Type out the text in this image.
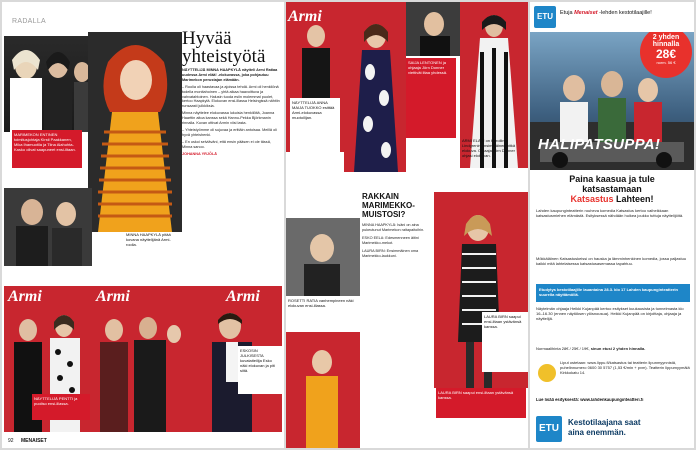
RADALLA
MARIMEKON ENTINEN toimitusjohtaja Kirsti Paakkanen, Mika Ihamuotila ja Tiina Alahuhta-Kasko olivat saapuneet ensi-iltaan.
Hyvää
yhteistyötä

NÄYTTELIJÄ MINNA HAAPKYLÄ näytteli Armi Ratiaa uudessa Armi elää! -elokuvassa, joka pohjautuu Marimekon perustajan elämään.

– Roolia oli haastavaa ja ajoissa tehdä. Armi oli henkilönä todella monitahoinen – yhtä aikaa haavoittuva ja vahvatahtoinen. Halusin tuoda esiin molemmat puolet, kertoo Haapkylä. Elokuvan ensi-illassa Helsingissä nähtiin runsaasti julkkiksia.

Minna näyttelee elokuvassa lukuisia henkilöitä, Joanna Haarttin aitoa kanssa sekä Hannu-Pekka Björkmanin rinnalla. Kuvan ottivat Armin viisi lasta.

– Yhteistyömme oli sujuvaa ja erittäin antoisaa. Meillä oli hyvä yhteishenki.

– En uskoi selviäväni, että ensin pääsen ei ole tässä, Minna sanoo.

JOHANNA YRJÖLÄ

MINNA HAAPKYLÄ pitää kovana näyttelijänä Armi-roolia.
Armi
NÄYTTELIJÄ PENTTI ja puoliso ensi-illassa.
Armi	Armi
ESKOSIN JULKISESTA kuvataiteilija Esko näki elokuvan ja piti siitä.
92 MENAISET
Armi
NÄYTTELIJÄ ANNA MAIJA TUOKKO esittää Armi-elokuvassa muotoilijan.
SAIJA LENTONEN ja ohjaaja Jörn Donner viettivät iltaa yhdessä.
ARMI ELÄÄ! on Karoliina Lindgrenin ensimmäinen pitkä elokuva. Ohjaaja Jörn Donner ohjasi elokuvan.
RAKKAIN MARIMEKKO-MUISTOSI?

MINNA HAAPKYLÄ: Isäni on aina pukeutunut Marimekon raitapaitoihin.

ESKO EELA: Edesmenneen äitini Marimekko-mekot.

LAURA BIRN: Ensimmäinen oma Marimekko-laukkuni.

ROSETTI RATIA vanhempineen näki elokuvan ensi-illassa.
LAURA BIRN saapui ensi-iltaan ystävänsä kanssa.
LAURA BIRN saapui ensi-iltaan ystävänsä kanssa.
ETU	Etuja Menaiset -lehden kestotilaajille!
2 yhden
hinnalla
28€
norm. 56 €
HALIPATSUPPA!
Paina kaasua ja tule
katsastamaan
Katsastus Lahteen!
Lahden kaupunginteatterin rouheva komedia Katsastus kertoo vaiheikkaan katsastusmiehen elämästä. Esityksessä nähdään huikea joukko tuttuja näyttelijöitä.
Mökkäläinen Katsastuskeissi on hauska ja lämminhenkinen komedia, jossa paljastuu kaikki mitä lahtelaisessa katsastusasemassa tapahtuu.
Etudytys kestotilaajille lauantaina 28.3. klo 17 Lahden kaupunginteatterin suurella näyttämöllä.
Näytelmän ohjaaja Heikki Kujanpää kertoo esitykset kuukausista ja tunnelmasta klo 16–16.30 (ennen näytöksen ylösnousua). Heikki Kujanpää on kirjoittaja, ohjaaja ja näyttelijä.
Normaalihinta 28€ / 25€ / 19€, sinun etusi 2 yhden hinnalla.
Liput ostetaan: www.lippu.fi/katsastus tai teatterin lipunmyynnistä, puhelinnumero 0600 30 5757 (1,53 €/min + pvm). Teatterin lippumyymälä Kirkkokatu 14.
Lue lisää esityksestä: www.lahdenkaupunginteatteri.fi
ETU
Kestotilaajana saat
aina enemmän.
